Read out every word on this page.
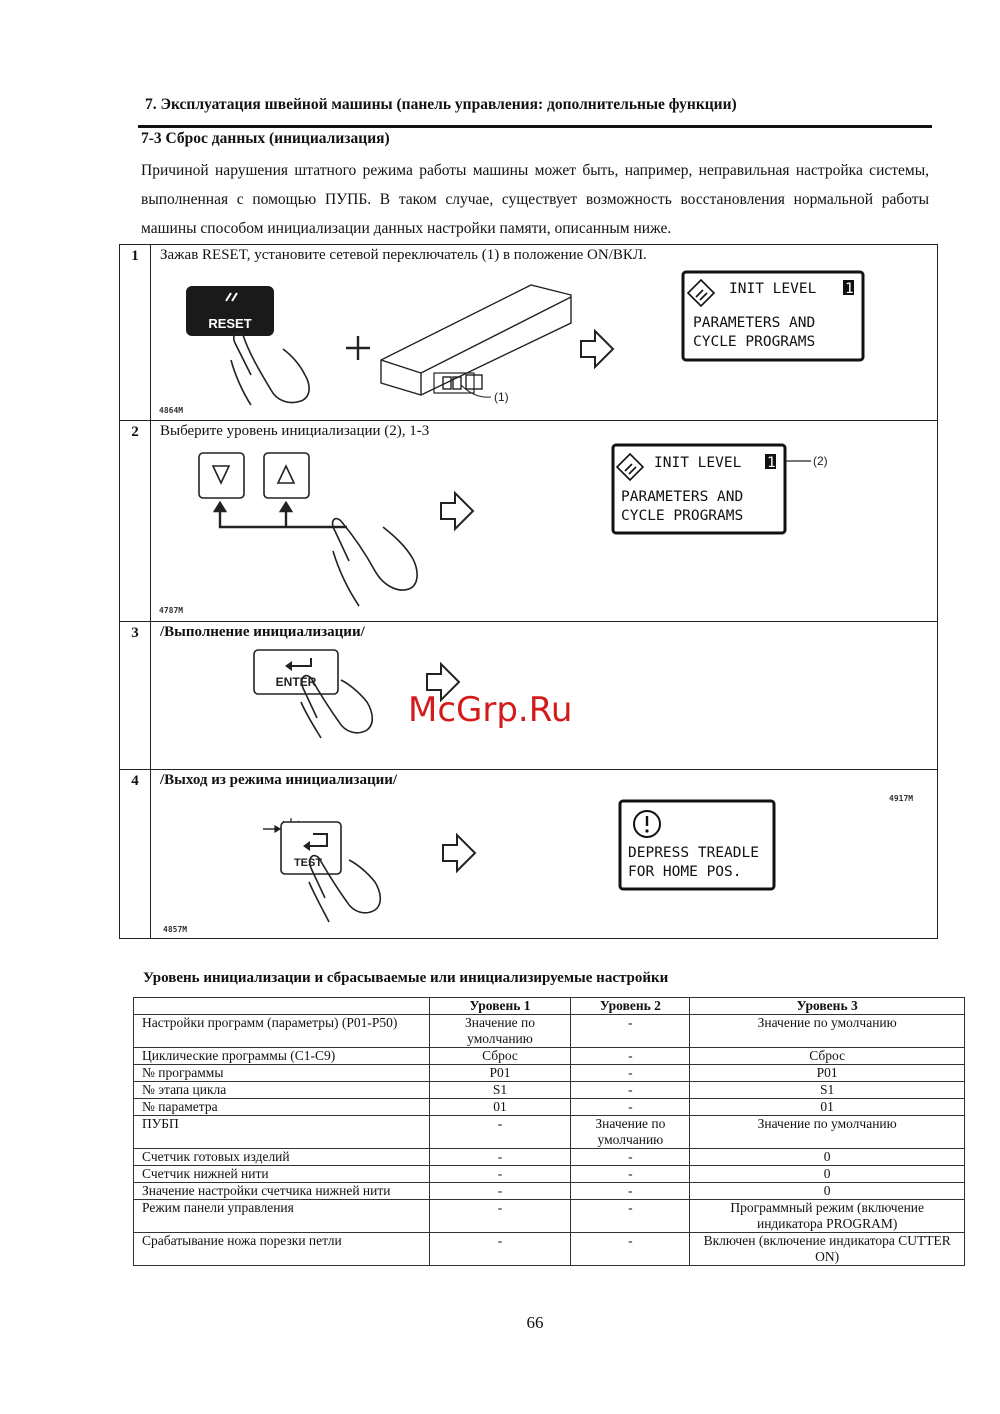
7. Эксплуатация швейной машины (панель управления: дополнительные функции)
7-3 Сброс данных (инициализация)
Причиной нарушения штатного режима работы машины может быть, например, неправильная настройка системы, выполненная с помощью ПУПБ. В таком случае, существует возможность восстановления нормальной работы машины способом инициализации данных настройки памяти, описанным ниже.
1	Зажав RESET, установите сетевой переключатель (1) в положение ON/ВКЛ.
RESET
(1)
INIT LEVEL 1
PARAMETERS AND
CYCLE PROGRAMS
4864M
2	Выберите уровень инициализации (2), 1-3
INIT LEVEL 1
PARAMETERS AND
CYCLE PROGRAMS
(2)
4787M
3	/Выполнение инициализации/
ENTER
4	/Выход из режима инициализации/
TEST
DEPRESS TREADLE
FOR HOME POS.
4917M
4857M
McGrp.Ru
Уровень инициализации и сбрасываемые или инициализируемые настройки
	Уровень 1	Уровень 2	Уровень 3
Настройки программ (параметры) (P01-P50)	Значение по умолчанию	-	Значение по умолчанию
Циклические программы (C1-C9)	Сброс	-	Сброс
№ программы	P01	-	P01
№ этапа цикла	S1	-	S1
№ параметра	01	-	01
ПУБП	-	Значение по умолчанию	Значение по умолчанию
Счетчик готовых изделий	-	-	0
Счетчик нижней нити	-	-	0
Значение настройки счетчика нижней нити	-	-	0
Режим панели управления	-	-	Программный режим (включение индикатора PROGRAM)
Срабатывание ножа порезки петли	-	-	Включен (включение индикатора CUTTER ON)
66
